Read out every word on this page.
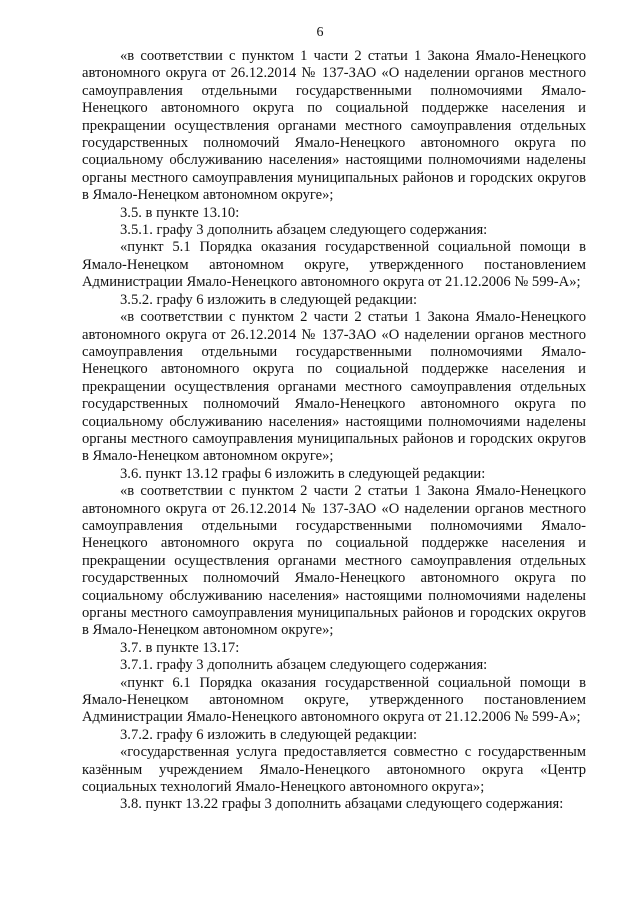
6

«в соответствии с пунктом 1 части 2 статьи 1 Закона Ямало-Ненецкого автономного округа от 26.12.2014 № 137-ЗАО «О наделении органов местного самоуправления отдельными государственными полномочиями Ямало-Ненецкого автономного округа по социальной поддержке населения и прекращении осуществления органами местного самоуправления отдельных государственных полномочий Ямало-Ненецкого автономного округа по социальному обслуживанию населения» настоящими полномочиями наделены органы местного самоуправления муниципальных районов и городских округов в Ямало-Ненецком автономном округе»;

3.5. в пункте 13.10:

3.5.1. графу 3 дополнить абзацем следующего содержания:

«пункт 5.1 Порядка оказания государственной социальной помощи в Ямало-Ненецком автономном округе, утвержденного постановлением Администрации Ямало-Ненецкого автономного округа от 21.12.2006 № 599-А»;

3.5.2. графу 6 изложить в следующей редакции:

«в соответствии с пунктом 2 части 2 статьи 1 Закона Ямало-Ненецкого автономного округа от 26.12.2014 № 137-ЗАО «О наделении органов местного самоуправления отдельными государственными полномочиями Ямало-Ненецкого автономного округа по социальной поддержке населения и прекращении осуществления органами местного самоуправления отдельных государственных полномочий Ямало-Ненецкого автономного округа по социальному обслуживанию населения» настоящими полномочиями наделены органы местного самоуправления муниципальных районов и городских округов в Ямало-Ненецком автономном округе»;

3.6. пункт 13.12 графы 6 изложить в следующей редакции:

«в соответствии с пунктом 2 части 2 статьи 1 Закона Ямало-Ненецкого автономного округа от 26.12.2014 № 137-ЗАО «О наделении органов местного самоуправления отдельными государственными полномочиями Ямало-Ненецкого автономного округа по социальной поддержке населения и прекращении осуществления органами местного самоуправления отдельных государственных полномочий Ямало-Ненецкого автономного округа по социальному обслуживанию населения» настоящими полномочиями наделены органы местного самоуправления муниципальных районов и городских округов в Ямало-Ненецком автономном округе»;

3.7. в пункте 13.17:

3.7.1. графу 3 дополнить абзацем следующего содержания:

«пункт 6.1 Порядка оказания государственной социальной помощи в Ямало-Ненецком автономном округе, утвержденного постановлением Администрации Ямало-Ненецкого автономного округа от 21.12.2006 № 599-А»;

3.7.2. графу 6 изложить в следующей редакции:

«государственная услуга предоставляется совместно с государственным казённым учреждением Ямало-Ненецкого автономного округа «Центр социальных технологий Ямало-Ненецкого автономного округа»;

3.8. пункт 13.22 графы 3 дополнить абзацами следующего содержания:
